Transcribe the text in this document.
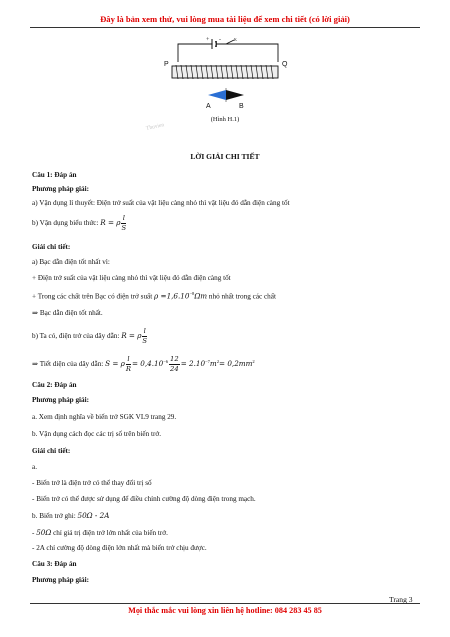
Đây là bản xem thử, vui lòng mua tài liệu để xem chi tiết (có lời giải)
+ -	K
P	Q
A	B
(Hình H.1)
Thuvien
LỜI GIẢI CHI TIẾT
Câu 1: Đáp án
Phương pháp giải:
a) Vận dụng lí thuyết: Điện trở suất của vật liệu càng nhỏ thì vật liệu đó dẫn điện càng tốt
b) Vận dụng biểu thức: R = ρ $\frac{l}{S}$
Giải chi tiết:
a) Bạc dẫn điện tốt nhất vì:
+ Điện trở suất của vật liệu càng nhỏ thì vật liệu đó dẫn điện càng tốt
+ Trong các chất trên Bạc có điện trở suất $\rho =1,6.10^{-8}\Omega m$ nhỏ nhất trong các chất
⇒ Bạc dẫn điện tốt nhất.
b) Ta có, điện trở của dây dẫn: R = ρ $\frac{l}{S}$
⇒ Tiết diện của dây dẫn: S = ρ $\frac{l}{R} = 0,4.10^{-6} \frac{12}{24} = 2.10^{-7}m^2= 0,2mm^2$
Câu 2: Đáp án
Phương pháp giải:
a. Xem định nghĩa về biến trở SGK VL9 trang 29.
b. Vận dụng cách đọc các trị số trên biến trở.
Giải chi tiết:
a.
- Biến trở là điện trở có thể thay đổi trị số
- Biến trở có thể được sử dụng để điều chỉnh cường độ dòng điện trong mạch.
b. Biến trở ghi: 50Ω - 2A
- 50Ω chỉ giá trị điện trở lớn nhất của biến trở.
- 2A chỉ cường độ dòng điện lớn nhất mà biến trở chịu được.
Câu 3: Đáp án
Phương pháp giải:
Trang 3
Mọi thắc mắc vui lòng xin liên hệ hotline: 084 283 45 85
